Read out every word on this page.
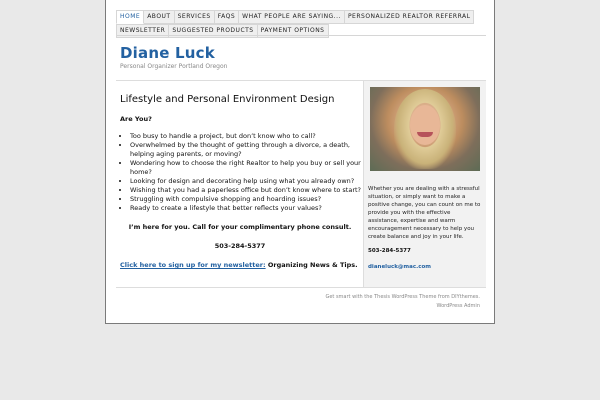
HOME	ABOUT	SERVICES	FAQS	WHAT PEOPLE ARE SAYING...	PERSONALIZED REALTOR REFERRAL
NEWSLETTER	SUGGESTED PRODUCTS	PAYMENT OPTIONS
Diane Luck
Personal Organizer Portland Oregon
Lifestyle and Personal Environment Design
Are You?
• Too busy to handle a project, but don’t know who to call?
• Overwhelmed by the thought of getting through a divorce, a death, helping aging parents, or moving?
• Wondering how to choose the right Realtor to help you buy or sell your home?
• Looking for design and decorating help using what you already own?
• Wishing that you had a paperless office but don’t know where to start?
• Struggling with compulsive shopping and hoarding issues?
• Ready to create a lifestyle that better reflects your values?
I’m here for you. Call for your complimentary phone consult.
503-284-5377
Click here to sign up for my newsletter: Organizing News & Tips.
Whether you are dealing with a stressful situation, or simply want to make a positive change, you can count on me to provide you with the effective assistance, expertise and warm encouragement necessary to help you create balance and joy in your life.
503-284-5377
dianeluck@mac.com
Get smart with the Thesis WordPress Theme from DIYthemes.
WordPress Admin
